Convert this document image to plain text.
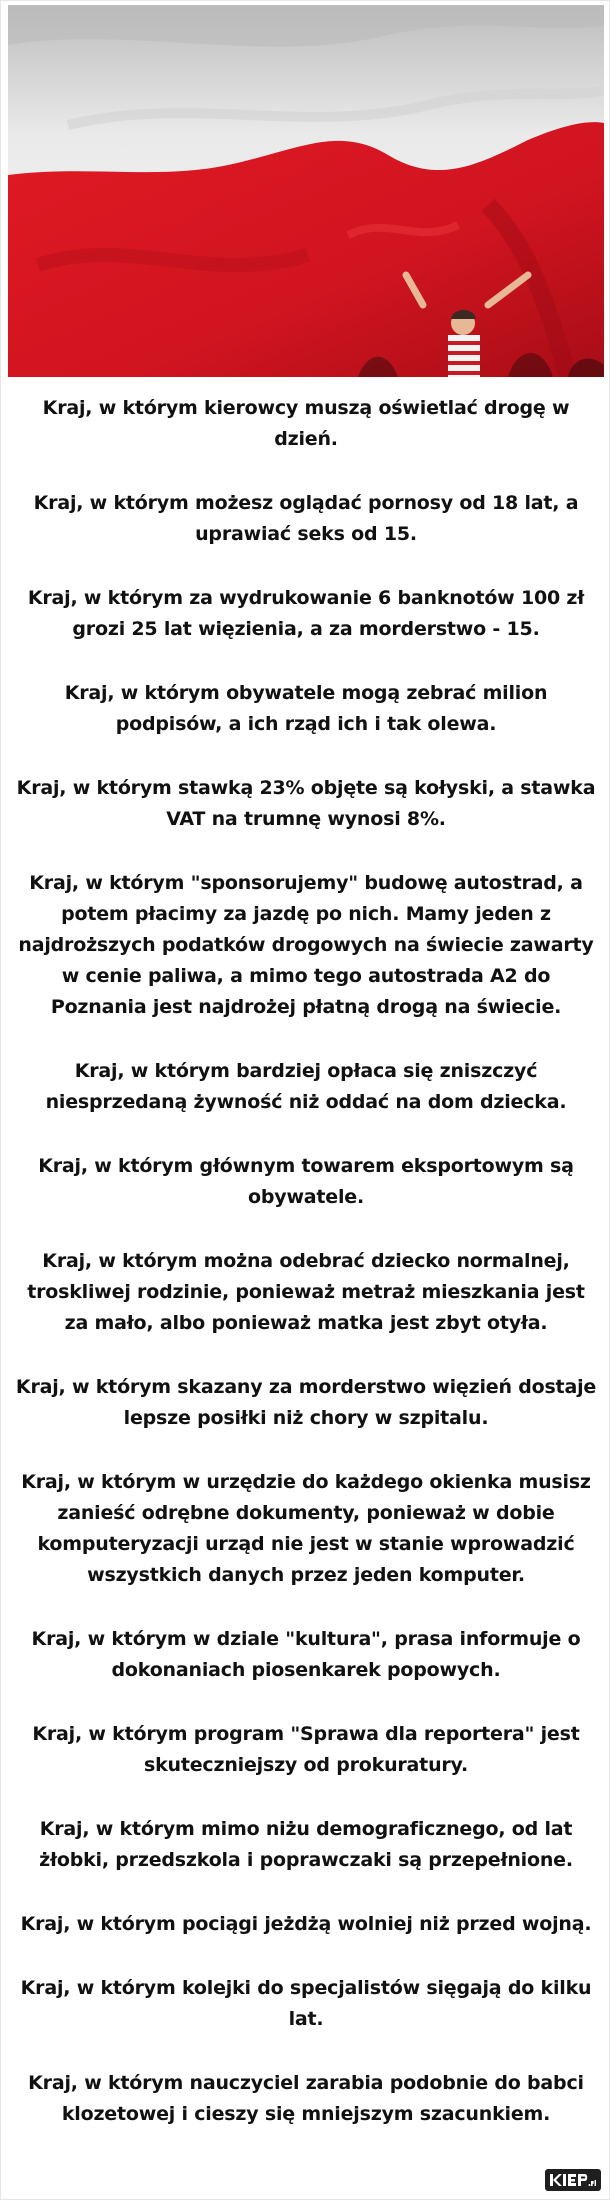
Kraj, w którym kierowcy muszą oświetlać drogę w dzień.
Kraj, w którym możesz oglądać pornosy od 18 lat, a uprawiać seks od 15.
Kraj, w którym za wydrukowanie 6 banknotów 100 zł grozi 25 lat więzienia, a za morderstwo - 15.
Kraj, w którym obywatele mogą zebrać milion podpisów, a ich rząd ich i tak olewa.
Kraj, w którym stawką 23% objęte są kołyski, a stawka VAT na trumnę wynosi 8%.
Kraj, w którym "sponsorujemy" budowę autostrad, a potem płacimy za jazdę po nich. Mamy jeden z najdroższych podatków drogowych na świecie zawarty w cenie paliwa, a mimo tego autostrada A2 do Poznania jest najdrożej płatną drogą na świecie.
Kraj, w którym bardziej opłaca się zniszczyć niesprzedaną żywność niż oddać na dom dziecka.
Kraj, w którym głównym towarem eksportowym są obywatele.
Kraj, w którym można odebrać dziecko normalnej, troskliwej rodzinie, ponieważ metraż mieszkania jest za mało, albo ponieważ matka jest zbyt otyła.
Kraj, w którym skazany za morderstwo więzień dostaje lepsze posiłki niż chory w szpitalu.
Kraj, w którym w urzędzie do każdego okienka musisz zanieść odrębne dokumenty, ponieważ w dobie komputeryzacji urząd nie jest w stanie wprowadzić wszystkich danych przez jeden komputer.
Kraj, w którym w dziale "kultura", prasa informuje o dokonaniach piosenkarek popowych.
Kraj, w którym program "Sprawa dla reportera" jest skuteczniejszy od prokuratury.
Kraj, w którym mimo niżu demograficznego, od lat żłobki, przedszkola i poprawczaki są przepełnione.
Kraj, w którym pociągi jeżdżą wolniej niż przed wojną.
Kraj, w którym kolejki do specjalistów sięgają do kilku lat.
Kraj, w którym nauczyciel zarabia podobnie do babci klozetowej i cieszy się mniejszym szacunkiem.
